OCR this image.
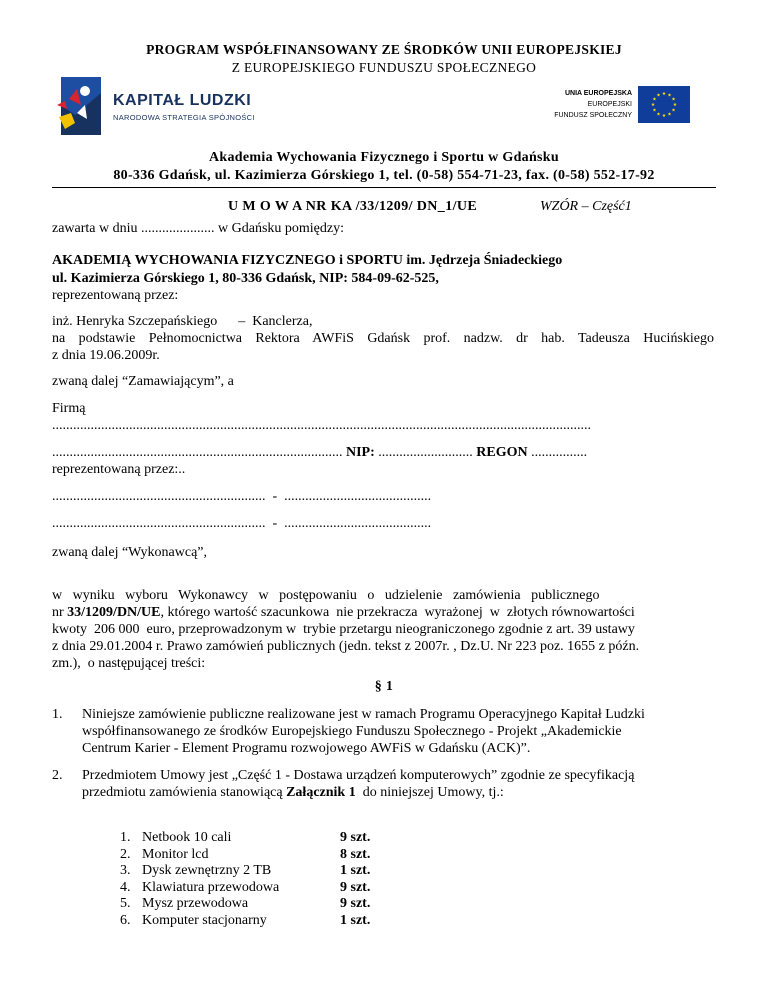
PROGRAM WSPÓŁFINANSOWANY ZE ŚRODKÓW UNII EUROPEJSKIEJ
Z EUROPEJSKIEGO FUNDUSZU SPOŁECZNEGO
KAPITAŁ LUDZKI
NARODOWA STRATEGIA SPÓJNOŚCI
UNIA EUROPEJSKA
EUROPEJSKI
FUNDUSZ SPOŁECZNY
Akademia Wychowania Fizycznego i Sportu w Gdańsku
80-336 Gdańsk, ul. Kazimierza Górskiego 1, tel. (0-58) 554-71-23, fax. (0-58) 552-17-92
U M O W A NR KA /33/1209/ DN_1/UE	WZÓR – Część1
zawarta w dniu ..................... w Gdańsku pomiędzy:
AKADEMIĄ WYCHOWANIA FIZYCZNEGO i SPORTU im. Jędrzeja Śniadeckiego
ul. Kazimierza Górskiego 1, 80-336 Gdańsk, NIP: 584-09-62-525,
reprezentowaną przez:
inż. Henryka Szczepańskiego      –  Kanclerza,
na podstawie Pełnomocnictwa Rektora AWFiS Gdańsk prof. nadzw. dr hab. Tadeusza Hucińskiego
z dnia 19.06.2009r.
zwaną dalej “Zamawiającym”, a
Firmą
..........................................................................................................................................................
................................................................................... NIP: ........................... REGON ................
reprezentowaną przez:..
.............................................................  -  ..........................................
.............................................................  -  ..........................................
zwaną dalej “Wykonawcą”,
w   wyniku   wyboru   Wykonawcy   w   postępowaniu   o   udzielenie   zamówienia   publicznego
nr 33/1209/DN/UE, którego wartość szacunkowa  nie przekracza  wyrażonej  w  złotych równowartości
kwoty  206 000  euro, przeprowadzonym w  trybie przetargu nieograniczonego zgodnie z art. 39 ustawy
z dnia 29.01.2004 r. Prawo zamówień publicznych (jedn. tekst z 2007r. , Dz.U. Nr 223 poz. 1655 z późn.
zm.),  o następującej treści:
§ 1
1. Niniejsze zamówienie publiczne realizowane jest w ramach Programu Operacyjnego Kapitał Ludzki
współfinansowanego ze środków Europejskiego Funduszu Społecznego - Projekt „Akademickie
Centrum Karier - Element Programu rozwojowego AWFiS w Gdańsku (ACK)”.
2. Przedmiotem Umowy jest „Część 1 - Dostawa urządzeń komputerowych” zgodnie ze specyfikacją
przedmiotu zamówienia stanowiącą Załącznik 1  do niniejszej Umowy, tj.:
1. Netbook 10 cali	9 szt.
2. Monitor lcd	8 szt.
3. Dysk zewnętrzny 2 TB	1 szt.
4. Klawiatura przewodowa	9 szt.
5. Mysz przewodowa	9 szt.
6. Komputer stacjonarny	1 szt.
